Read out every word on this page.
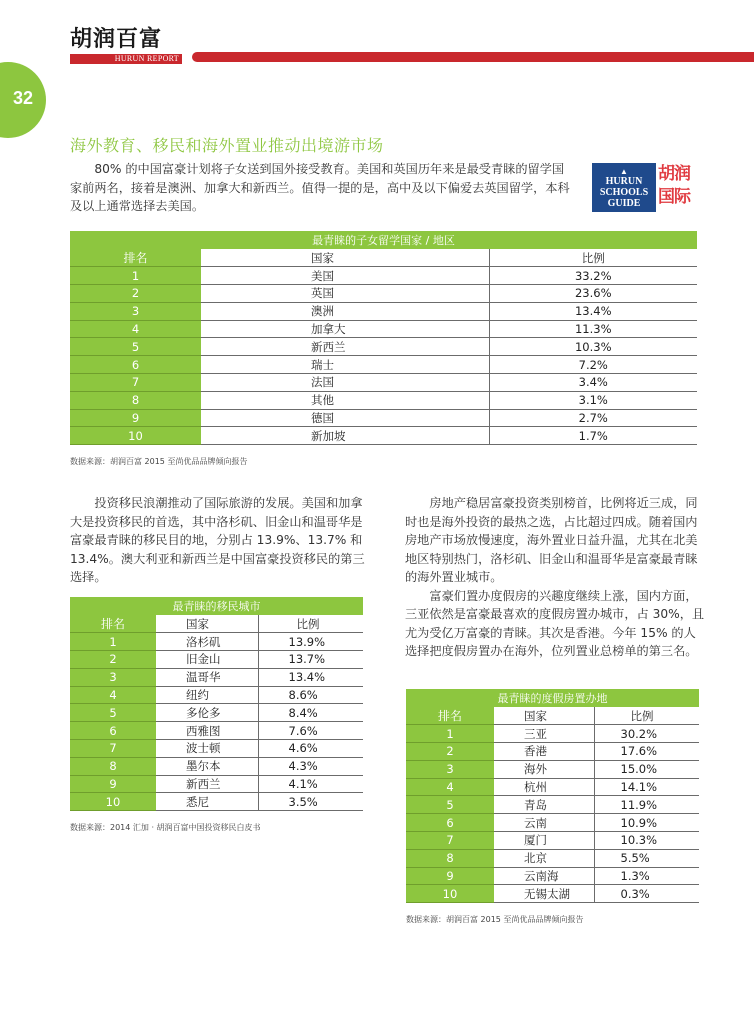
胡润百富
HURUN REPORT
32
海外教育、移民和海外置业推动出境游市场
80% 的中国富豪计划将子女送到国外接受教育。美国和英国历年来是最受青睐的留学国家前两名，接着是澳洲、加拿大和新西兰。值得一提的是，高中及以下偏爱去英国留学，本科及以上通常选择去美国。
▲
HURUN
SCHOOLS
GUIDE
胡润
国际
最青睐的子女留学国家 / 地区		
排名	国家	比例
1	美国	33.2%
2	英国	23.6%
3	澳洲	13.4%
4	加拿大	11.3%
5	新西兰	10.3%
6	瑞士	7.2%
7	法国	3.4%
8	其他	3.1%
9	德国	2.7%
10	新加坡	1.7%
数据来源：胡润百富 2015 至尚优品品牌倾向报告

投资移民浪潮推动了国际旅游的发展。美国和加拿大是投资移民的首选，其中洛杉矶、旧金山和温哥华是富豪最青睐的移民目的地，分别占 13.9%、13.7% 和 13.4%。澳大利亚和新西兰是中国富豪投资移民的第三选择。

最青睐的移民城市		
排名	国家	比例
1	洛杉矶	13.9%
2	旧金山	13.7%
3	温哥华	13.4%
4	纽约	8.6%
5	多伦多	8.4%
6	西雅图	7.6%
7	波士顿	4.6%
8	墨尔本	4.3%
9	新西兰	4.1%
10	悉尼	3.5%
数据来源：2014 汇加 · 胡润百富中国投资移民白皮书

房地产稳居富豪投资类别榜首，比例将近三成，同时也是海外投资的最热之选，占比超过四成。随着国内房地产市场放慢速度，海外置业日益升温，尤其在北美地区特别热门，洛杉矶、旧金山和温哥华是富豪最青睐的海外置业城市。

富豪们置办度假房的兴趣度继续上涨，国内方面，三亚依然是富豪最喜欢的度假房置办城市，占 30%，且尤为受亿万富豪的青睐。其次是香港。今年 15% 的人选择把度假房置办在海外，位列置业总榜单的第三名。

最青睐的度假房置办地		
排名	国家	比例
1	三亚	30.2%
2	香港	17.6%
3	海外	15.0%
4	杭州	14.1%
5	青岛	11.9%
6	云南	10.9%
7	厦门	10.3%
8	北京	5.5%
9	云南海	1.3%
10	无锡太湖	0.3%
数据来源：胡润百富 2015 至尚优品品牌倾向报告
